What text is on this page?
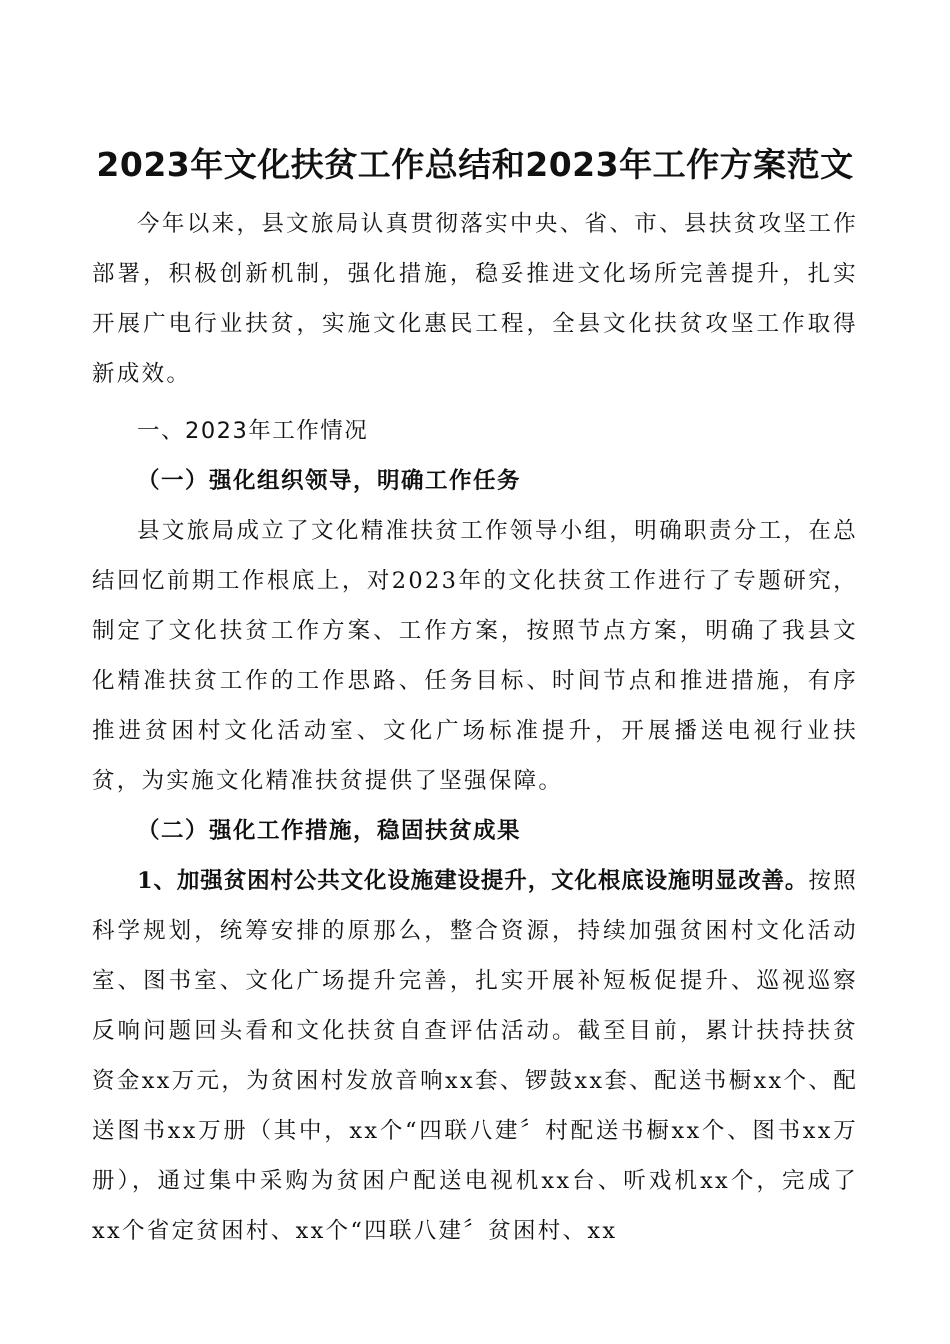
2023年文化扶贫工作总结和2023年工作方案范文

今年以来，县文旅局认真贯彻落实中央、省、市、县扶贫攻坚工作部署，积极创新机制，强化措施，稳妥推进文化场所完善提升，扎实开展广电行业扶贫，实施文化惠民工程，全县文化扶贫攻坚工作取得新成效。

一、2023年工作情况

（一）强化组织领导，明确工作任务

县文旅局成立了文化精准扶贫工作领导小组，明确职责分工，在总结回忆前期工作根底上，对2023年的文化扶贫工作进行了专题研究，制定了文化扶贫工作方案、工作方案，按照节点方案，明确了我县文化精准扶贫工作的工作思路、任务目标、时间节点和推进措施，有序推进贫困村文化活动室、文化广场标准提升，开展播送电视行业扶贫，为实施文化精准扶贫提供了坚强保障。

（二）强化工作措施，稳固扶贫成果

1、加强贫困村公共文化设施建设提升，文化根底设施明显改善。按照科学规划，统筹安排的原那么，整合资源，持续加强贫困村文化活动室、图书室、文化广场提升完善，扎实开展补短板促提升、巡视巡察反响问题回头看和文化扶贫自查评估活动。截至目前，累计扶持扶贫资金xx万元，为贫困村发放音响xx套、锣鼓xx套、配送书橱xx个、配送图书xx万册（其中，xx个“四联八建〞村配送书橱xx个、图书xx万册），通过集中采购为贫困户配送电视机xx台、听戏机xx个，完成了xx个省定贫困村、xx个“四联八建〞贫困村、xx
